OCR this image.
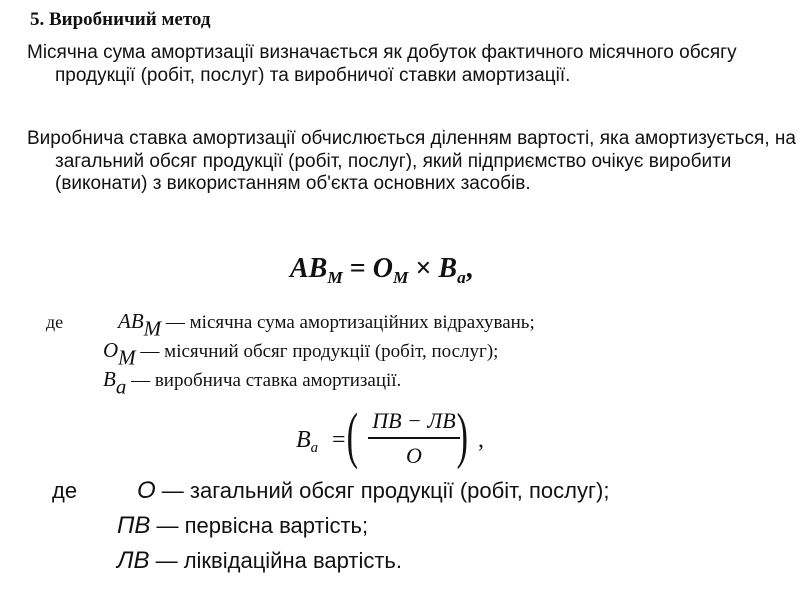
5. Виробничий метод

Місячна сума амортизації визначається як добуток фактичного місячного обсягу продукції (робіт, послуг) та виробничої ставки амортизації.

Виробнича ставка амортизації обчислюється діленням вартості, яка амортизується, на загальний обсяг продукції (робіт, послуг), який підприємство очікує виробити (виконати) з використанням об'єкта основних засобів.

$AB_M = O_M \times B_a$,
де	ABM — місячна сума амортизаційних відрахувань;
OM — місячний обсяг продукції (робіт, послуг);
Ba — виробнича ставка амортизації.
$B_a$ = ( ПВ − ЛВ
O ) ,
де O — загальний обсяг продукції (робіт, послуг);
ПВ — первісна вартість;
ЛВ — ліквідаційна вартість.
